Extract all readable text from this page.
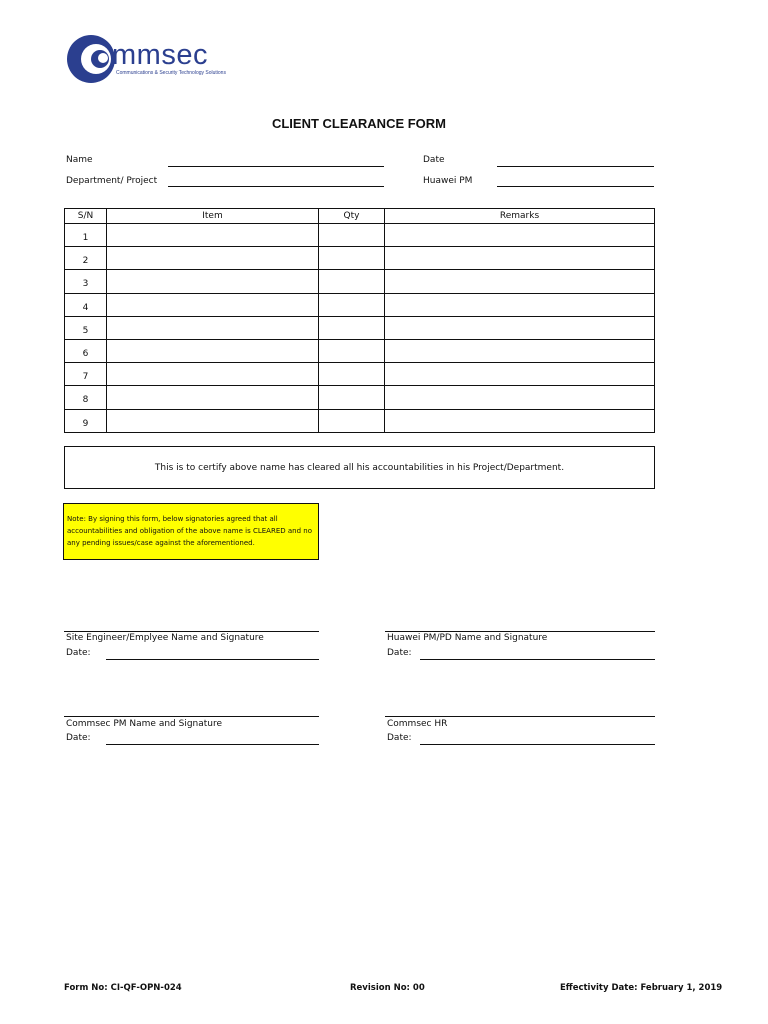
mmsec
Communications & Security Technology Solutions
CLIENT CLEARANCE FORM
Name	Date
Department/ Project	Huawei PM
S/N	Item	Qty	Remarks
1			
2			
3			
4			
5			
6			
7			
8			
9			
This is to certify above name has cleared all his accountabilities in his Project/Department.
Note: By signing this form, below signatories agreed that all accountabilities and obligation of the above name is CLEARED and no any pending issues/case against the aforementioned.
Site Engineer/Emplyee Name and Signature
Date:
Huawei PM/PD Name and Signature
Date:
Commsec PM Name and Signature
Date:
Commsec HR
Date:
Form No: CI-QF-OPN-024	Revision No: 00	Effectivity Date: February 1, 2019
